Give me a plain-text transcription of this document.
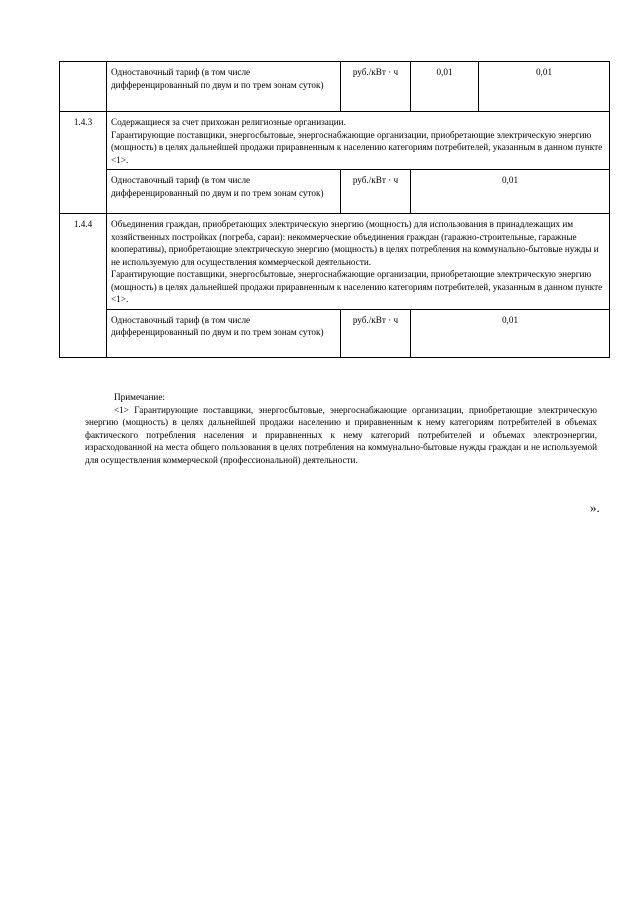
	Одноставочный тариф (в том числе дифференцированный по двум и по трем зонам суток)	руб./кВт · ч	0,01	0,01
1.4.3	Содержащиеся за счет прихожан религиозные организации.
Гарантирующие поставщики, энергосбытовые, энергоснабжающие организации, приобретающие электрическую энергию (мощность) в целях дальнейшей продажи приравненным к населению категориям потребителей, указанным в данном пункте <1>.			

	Одноставочный тариф (в том числе дифференцированный по двум и по трем зонам суток)	руб./кВт · ч	0,01	
1.4.4	Объединения граждан, приобретающих электрическую энергию (мощность) для использования в принадлежащих им хозяйственных постройках (погреба, сараи): некоммерческие объединения граждан (гаражно-строительные, гаражные кооперативы), приобретающие электрическую энергию (мощность) в целях потребления на коммунально-бытовые нужды и не используемую для осуществления коммерческой деятельности.
Гарантирующие поставщики, энергосбытовые, энергоснабжающие организации, приобретающие электрическую энергию (мощность) в целях дальнейшей продажи приравненным к населению категориям потребителей, указанным в данном пункте <1>.			

	Одноставочный тариф (в том числе дифференцированный по двум и по трем зонам суток)	руб./кВт · ч	0,01	
Примечание:

<1> Гарантирующие поставщики, энергосбытовые, энергоснабжающие организации, приобретающие электрическую энергию (мощность) в целях дальнейшей продажи населению и приравненным к нему категориям потребителей в объемах фактического потребления населения и приравненных к нему категорий потребителей и объемах электроэнергии, израсходованной на места общего пользования в целях потребления на коммунально-бытовые нужды граждан и не используемой для осуществления коммерческой (профессиональной) деятельности.

».
